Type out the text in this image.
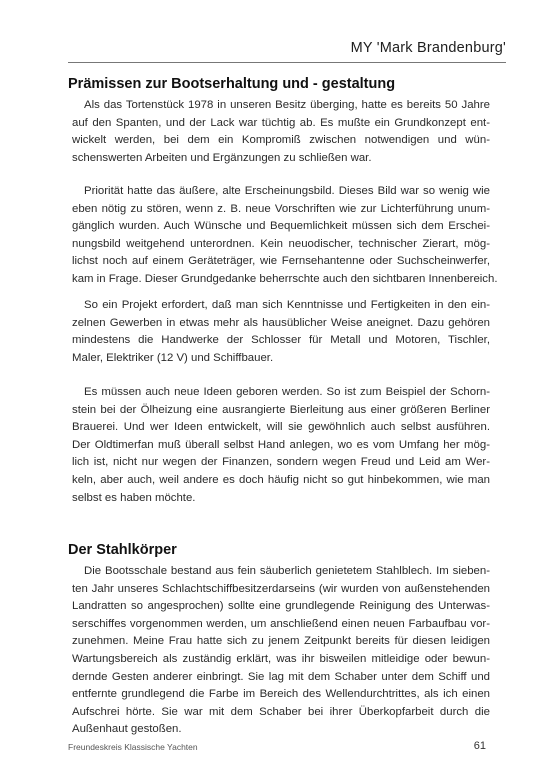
MY 'Mark Brandenburg'
Prämissen zur Bootserhaltung und - gestaltung

Als das Tortenstück 1978 in unseren Besitz überging, hatte es bereits 50 Jahre
auf den Spanten, und der Lack war tüchtig ab. Es mußte ein Grundkonzept ent-
wickelt werden, bei dem ein Kompromiß zwischen notwendigen und wün-
schenswerten Arbeiten und Ergänzungen zu schließen war.

Priorität hatte das äußere, alte Erscheinungsbild. Dieses Bild war so wenig wie
eben nötig zu stören, wenn z. B. neue Vorschriften wie zur Lichterführung unum-
gänglich wurden. Auch Wünsche und Bequemlichkeit müssen sich dem Erschei-
nungsbild weitgehend unterordnen. Kein neuodischer, technischer Zierart, mög-
lichst noch auf einem Geräteträger, wie Fernsehantenne oder Suchscheinwerfer,
kam in Frage. Dieser Grundgedanke beherrschte auch den sichtbaren Innenbereich.

So ein Projekt erfordert, daß man sich Kenntnisse und Fertigkeiten in den ein-
zelnen Gewerben in etwas mehr als hausüblicher Weise aneignet. Dazu gehören
mindestens die Handwerke der Schlosser für Metall und Motoren, Tischler,
Maler, Elektriker (12 V) und Schiffbauer.

Es müssen auch neue Ideen geboren werden. So ist zum Beispiel der Schorn-
stein bei der Ölheizung eine ausrangierte Bierleitung aus einer größeren Berliner
Brauerei. Und wer Ideen entwickelt, will sie gewöhnlich auch selbst ausführen.
Der Oldtimerfan muß überall selbst Hand anlegen, wo es vom Umfang her mög-
lich ist, nicht nur wegen der Finanzen, sondern wegen Freud und Leid am Wer-
keln, aber auch, weil andere es doch häufig nicht so gut hinbekommen, wie man
selbst es haben möchte.

Der Stahlkörper

Die Bootsschale bestand aus fein säuberlich genietetem Stahlblech. Im sieben-
ten Jahr unseres Schlachtschiffbesitzerdarseins (wir wurden von außenstehenden
Landratten so angesprochen) sollte eine grundlegende Reinigung des Unterwas-
serschiffes vorgenommen werden, um anschließend einen neuen Farbaufbau vor-
zunehmen. Meine Frau hatte sich zu jenem Zeitpunkt bereits für diesen leidigen
Wartungsbereich als zuständig erklärt, was ihr bisweilen mitleidige oder bewun-
dernde Gesten anderer einbringt. Sie lag mit dem Schaber unter dem Schiff und
entfernte grundlegend die Farbe im Bereich des Wellendurchtrittes, als ich einen
Aufschrei hörte. Sie war mit dem Schaber bei ihrer Überkopfarbeit durch die
Außenhaut gestoßen.

Freundeskreis Klassische Yachten	61
